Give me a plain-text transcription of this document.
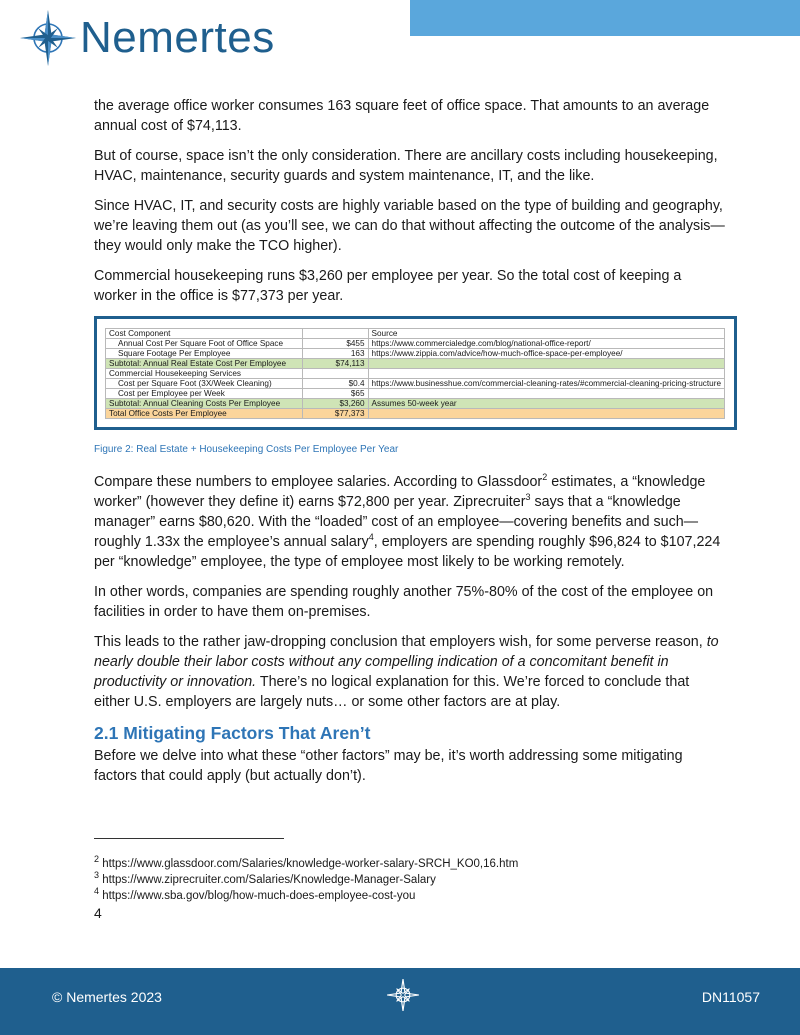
Nemertes

the average office worker consumes 163 square feet of office space. That amounts to an average annual cost of $74,113.

But of course, space isn’t the only consideration. There are ancillary costs including housekeeping, HVAC, maintenance, security guards and system maintenance, IT, and the like.

Since HVAC, IT, and security costs are highly variable based on the type of building and geography, we’re leaving them out (as you’ll see, we can do that without affecting the outcome of the analysis—they would only make the TCO higher).

Commercial housekeeping runs $3,260 per employee per year. So the total cost of keeping a worker in the office is $77,373 per year.

Cost Component		Source
Annual Cost Per Square Foot of Office Space	$455	https://www.commercialedge.com/blog/national-office-report/
Square Footage Per Employee	163	https://www.zippia.com/advice/how-much-office-space-per-employee/
Subtotal: Annual Real Estate Cost Per Employee	$74,113	
Commercial Housekeeping Services		
Cost per Square Foot (3X/Week Cleaning)	$0.4	https://www.businesshue.com/commercial-cleaning-rates/#commercial-cleaning-pricing-structure
Cost per Employee per Week	$65	
Subtotal: Annual Cleaning Costs Per Employee	$3,260	Assumes 50-week year
Total Office Costs Per Employee	$77,373	
Figure 2: Real Estate + Housekeeping Costs Per Employee Per Year

Compare these numbers to employee salaries. According to Glassdoor$^2$ estimates, a “knowledge worker” (however they define it) earns $72,800 per year. Ziprecruiter$^3$ says that a “knowledge manager” earns $80,620. With the “loaded” cost of an employee—covering benefits and such—roughly 1.33x the employee’s annual salary$^4$, employers are spending roughly $96,824 to $107,224 per “knowledge” employee, the type of employee most likely to be working remotely.

In other words, companies are spending roughly another 75%-80% of the cost of the employee on facilities in order to have them on-premises.

This leads to the rather jaw-dropping conclusion that employers wish, for some perverse reason, to nearly double their labor costs without any compelling indication of a concomitant benefit in productivity or innovation. There’s no logical explanation for this. We’re forced to conclude that either U.S. employers are largely nuts… or some other factors are at play.

2.1 Mitigating Factors That Aren’t

Before we delve into what these “other factors” may be, it’s worth addressing some mitigating factors that could apply (but actually don’t).

$^2$ https://www.glassdoor.com/Salaries/knowledge-worker-salary-SRCH_KO0,16.htm
$^3$ https://www.ziprecruiter.com/Salaries/Knowledge-Manager-Salary
$^4$ https://www.sba.gov/blog/how-much-does-employee-cost-you
4
© Nemertes 2023	DN11057
